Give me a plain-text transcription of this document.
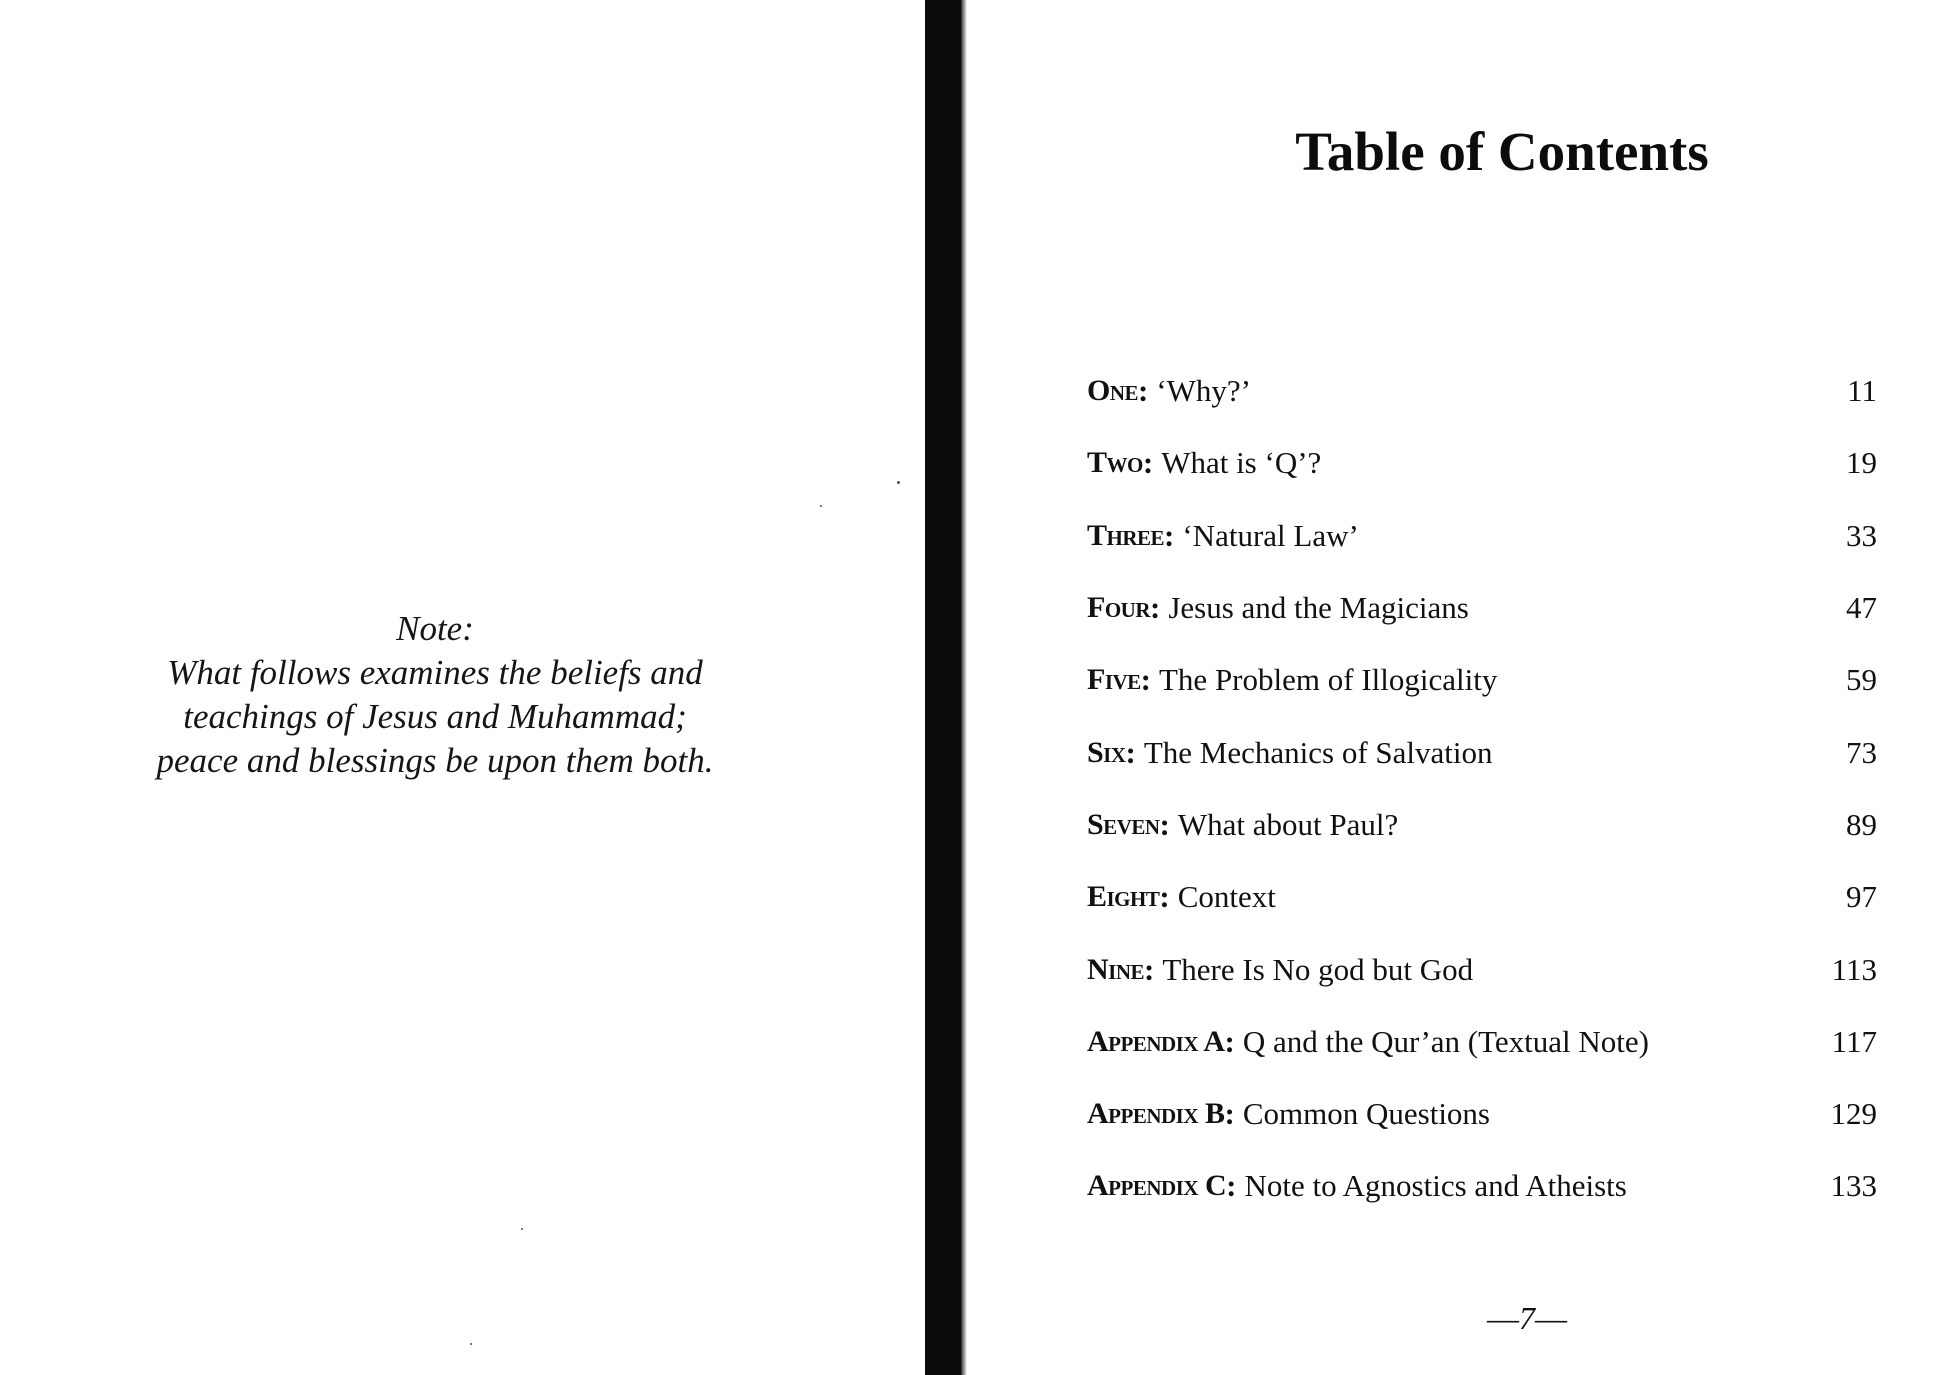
Note:
What follows examines the beliefs and
teachings of Jesus and Muhammad;
peace and blessings be upon them both.
Table of Contents
One : ‘Why?’	11
Two : What is ‘Q’?	19
Three : ‘Natural Law’	33
Four : Jesus and the Magicians	47
Five : The Problem of Illogicality	59
Six : The Mechanics of Salvation	73
Seven : What about Paul?	89
Eight : Context	97
Nine : There Is No god but God	113
Appendix A : Q and the Qur’an (Textual Note)	117
Appendix B : Common Questions	129
Appendix C : Note to Agnostics and Atheists	133
—7—
